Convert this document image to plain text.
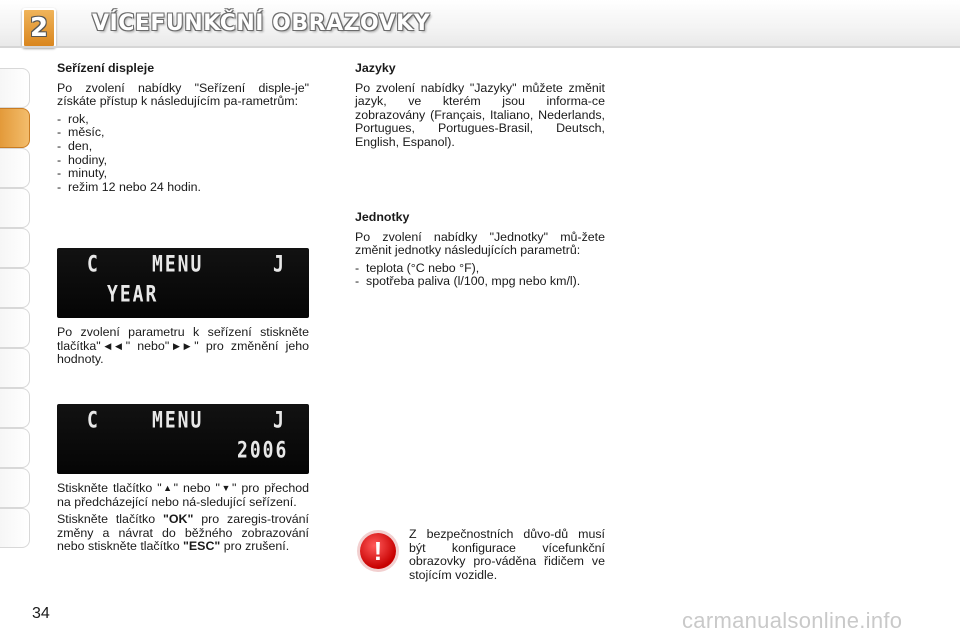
2 VÍCEFUNKČNÍ OBRAZOVKY
Seřízení displeje

Po zvolení nabídky "Seřízení disple-je" získáte přístup k následujícím pa-rametrům:

-  rok,
-  měsíc,
-  den,
-  hodiny,
-  minuty,
-  režim 12 nebo 24 hodin.
C	MENU	J
YEAR

Po zvolení parametru k seřízení stiskněte tlačítka"◀◀" nebo"▶▶" pro změnění jeho hodnoty.

C	MENU	J
2006

Stiskněte tlačítko "▲" nebo "▼" pro přechod na předcházející nebo ná-sledující seřízení.

Stiskněte tlačítko "OK" pro zaregis-trování změny a návrat do běžného zobrazování nebo stiskněte tlačítko "ESC" pro zrušení.

Jazyky

Po zvolení nabídky "Jazyky" můžete změnit jazyk, ve kterém jsou informa-ce zobrazovány (Français, Italiano, Nederlands, Portugues, Portugues-Brasil, Deutsch, English, Espanol).

Jednotky

Po zvolení nabídky "Jednotky" mů-žete změnit jednotky následujících parametrů:

-  teplota (°C nebo °F),
-  spotřeba paliva (l/100, mpg nebo km/l).
!

Z bezpečnostních důvo-dů musí být konfigurace vícefunkční obrazovky pro-váděna řidičem ve stojícím vozidle.

34	carmanualsonline.info
